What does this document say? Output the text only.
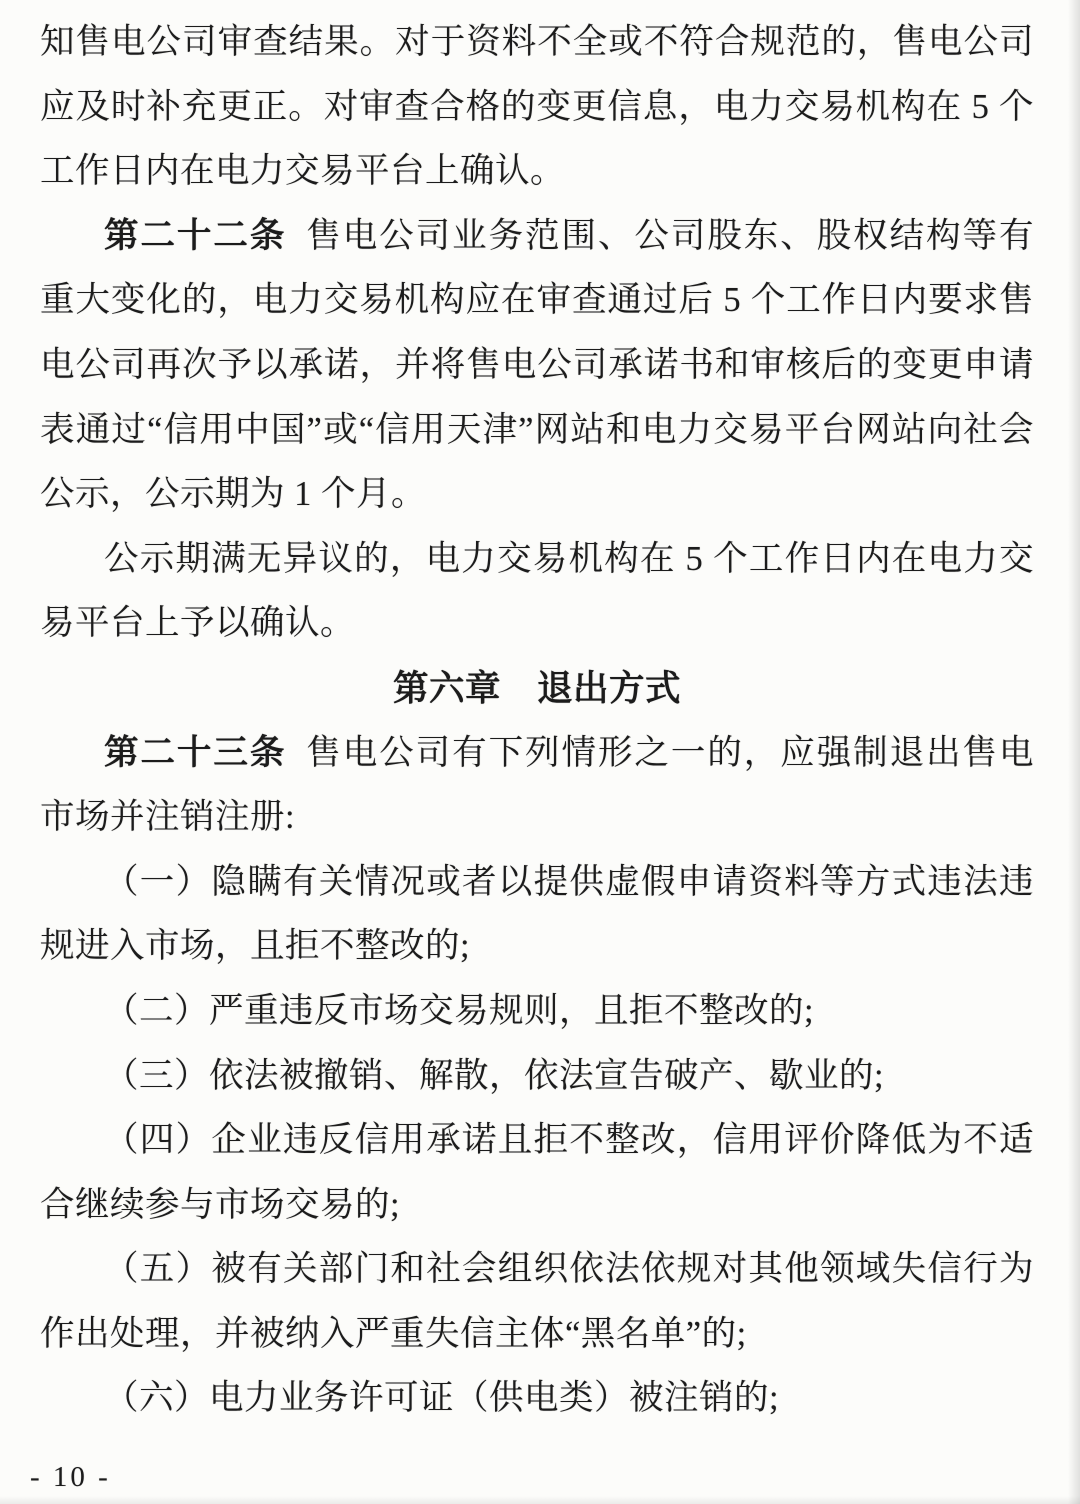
知售电公司审查结果。对于资料不全或不符合规范的，售电公司
应及时补充更正。对审查合格的变更信息，电力交易机构在 5 个
工作日内在电力交易平台上确认。
第二十二条 售电公司业务范围、公司股东、股权结构等有
重大变化的，电力交易机构应在审查通过后 5 个工作日内要求售
电公司再次予以承诺，并将售电公司承诺书和审核后的变更申请
表通过“信用中国”或“信用天津”网站和电力交易平台网站向社会
公示，公示期为 1 个月。
公示期满无异议的，电力交易机构在 5 个工作日内在电力交
易平台上予以确认。
第六章　退出方式
第二十三条 售电公司有下列情形之一的，应强制退出售电
市场并注销注册:
（一）隐瞒有关情况或者以提供虚假申请资料等方式违法违
规进入市场，且拒不整改的;
（二）严重违反市场交易规则，且拒不整改的;
（三）依法被撤销、解散，依法宣告破产、歇业的;
（四）企业违反信用承诺且拒不整改，信用评价降低为不适
合继续参与市场交易的;
（五）被有关部门和社会组织依法依规对其他领域失信行为
作出处理，并被纳入严重失信主体“黑名单”的;
（六）电力业务许可证（供电类）被注销的;
- 10 -
